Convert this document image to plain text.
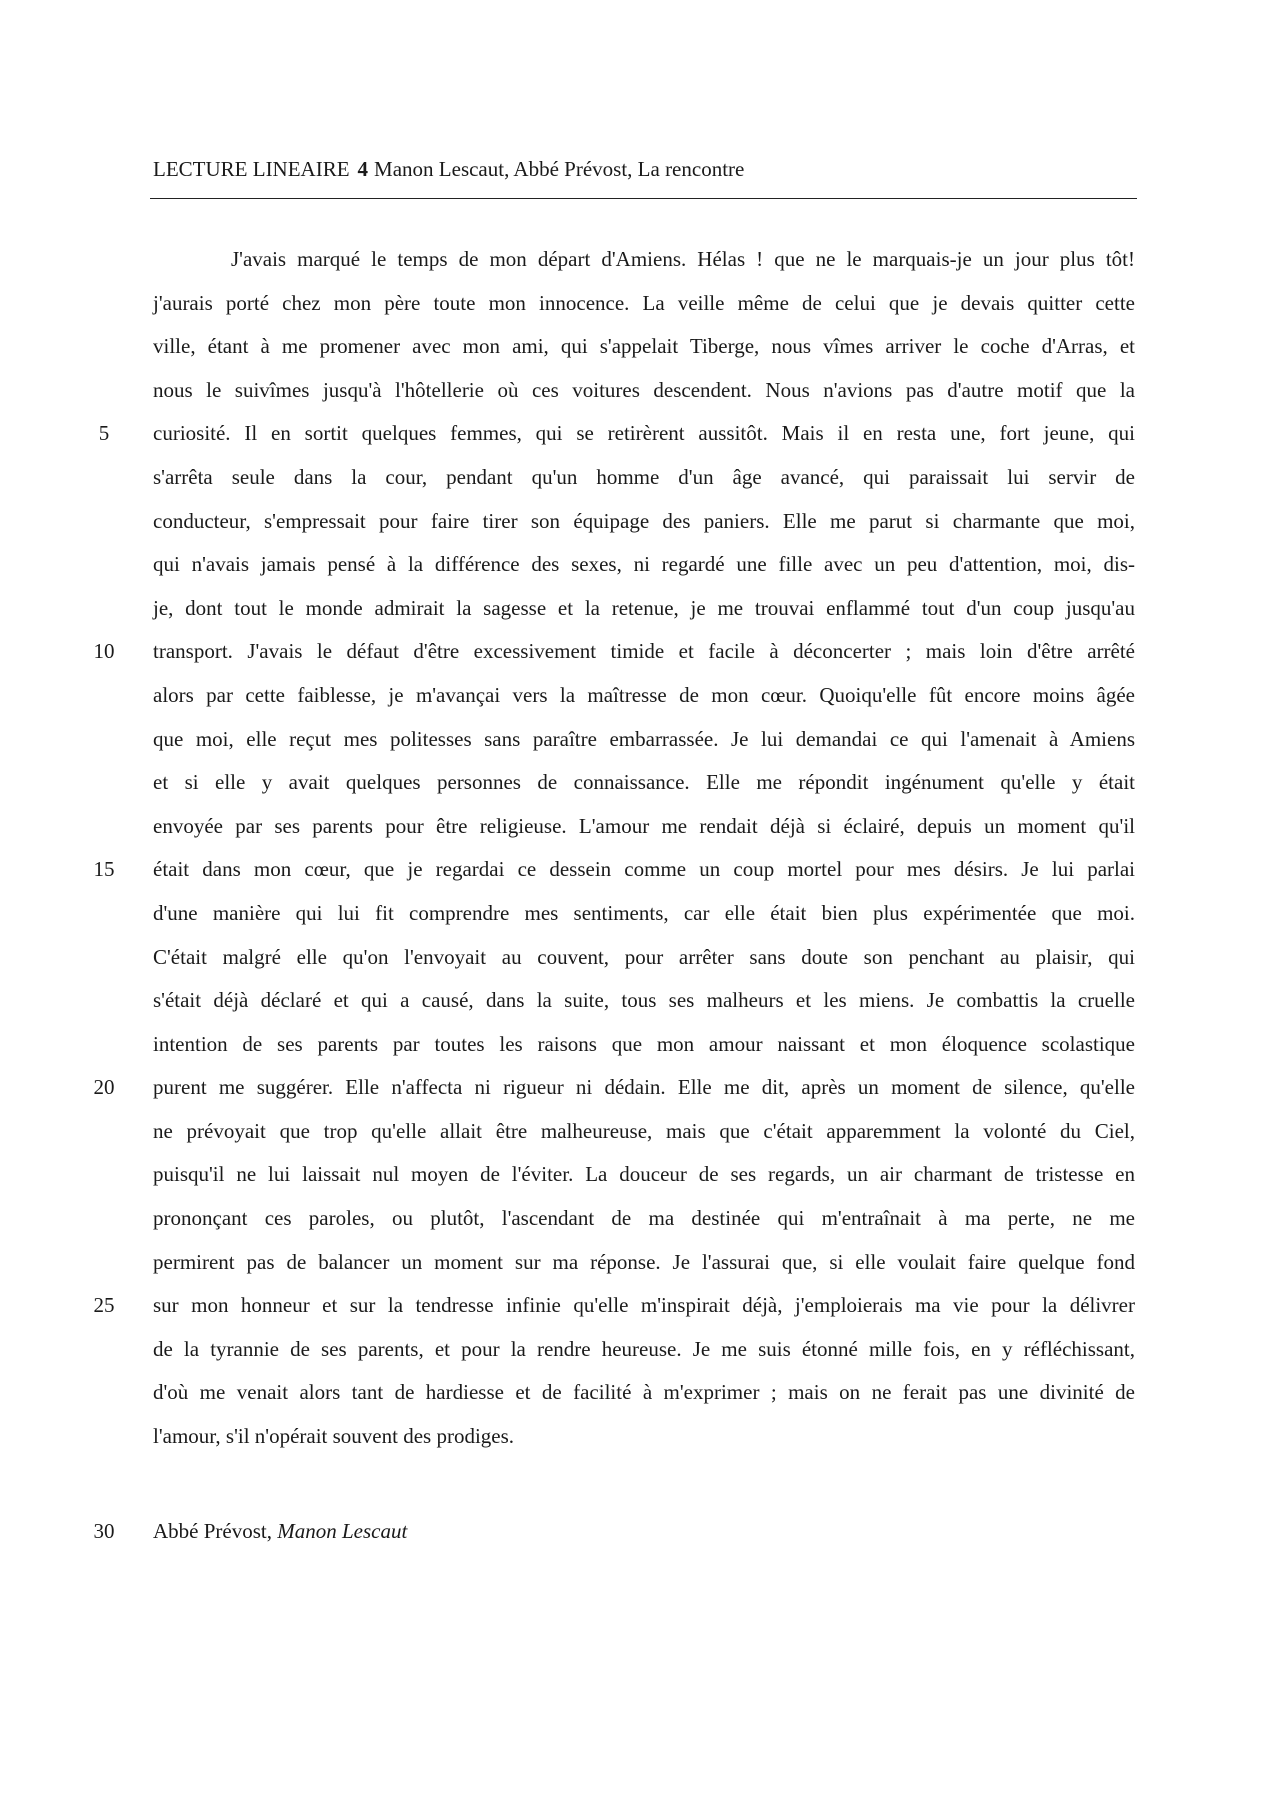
LECTURE LINEAIRE 4 Manon Lescaut, Abbé Prévost, La rencontre
J'avais marqué le temps de mon départ d'Amiens. Hélas ! que ne le marquais-je un jour plus tôt!
j'aurais porté chez mon père toute mon innocence. La veille même de celui que je devais quitter cette
ville, étant à me promener avec mon ami, qui s'appelait Tiberge, nous vîmes arriver le coche d'Arras, et
nous le suivîmes jusqu'à l'hôtellerie où ces voitures descendent. Nous n'avions pas d'autre motif que la
curiosité. Il en sortit quelques femmes, qui se retirèrent aussitôt. Mais il en resta une, fort jeune, qui
s'arrêta seule dans la cour, pendant qu'un homme d'un âge avancé, qui paraissait lui servir de
conducteur, s'empressait pour faire tirer son équipage des paniers. Elle me parut si charmante que moi,
qui n'avais jamais pensé à la différence des sexes, ni regardé une fille avec un peu d'attention, moi, dis-
je, dont tout le monde admirait la sagesse et la retenue, je me trouvai enflammé tout d'un coup jusqu'au
transport. J'avais le défaut d'être excessivement timide et facile à déconcerter ; mais loin d'être arrêté
alors par cette faiblesse, je m'avançai vers la maîtresse de mon cœur. Quoiqu'elle fût encore moins âgée
que moi, elle reçut mes politesses sans paraître embarrassée. Je lui demandai ce qui l'amenait à Amiens
et si elle y avait quelques personnes de connaissance. Elle me répondit ingénument qu'elle y était
envoyée par ses parents pour être religieuse. L'amour me rendait déjà si éclairé, depuis un moment qu'il
était dans mon cœur, que je regardai ce dessein comme un coup mortel pour mes désirs. Je lui parlai
d'une manière qui lui fit comprendre mes sentiments, car elle était bien plus expérimentée que moi.
C'était malgré elle qu'on l'envoyait au couvent, pour arrêter sans doute son penchant au plaisir, qui
s'était déjà déclaré et qui a causé, dans la suite, tous ses malheurs et les miens. Je combattis la cruelle
intention de ses parents par toutes les raisons que mon amour naissant et mon éloquence scolastique
purent me suggérer. Elle n'affecta ni rigueur ni dédain. Elle me dit, après un moment de silence, qu'elle
ne prévoyait que trop qu'elle allait être malheureuse, mais que c'était apparemment la volonté du Ciel,
puisqu'il ne lui laissait nul moyen de l'éviter. La douceur de ses regards, un air charmant de tristesse en
prononçant ces paroles, ou plutôt, l'ascendant de ma destinée qui m'entraînait à ma perte, ne me
permirent pas de balancer un moment sur ma réponse. Je l'assurai que, si elle voulait faire quelque fond
sur mon honneur et sur la tendresse infinie qu'elle m'inspirait déjà, j'emploierais ma vie pour la délivrer
de la tyrannie de ses parents, et pour la rendre heureuse. Je me suis étonné mille fois, en y réfléchissant,
d'où me venait alors tant de hardiesse et de facilité à m'exprimer ; mais on ne ferait pas une divinité de
l'amour, s'il n'opérait souvent des prodiges.
5
10
15
20
25
30 Abbé Prévost, Manon Lescaut
